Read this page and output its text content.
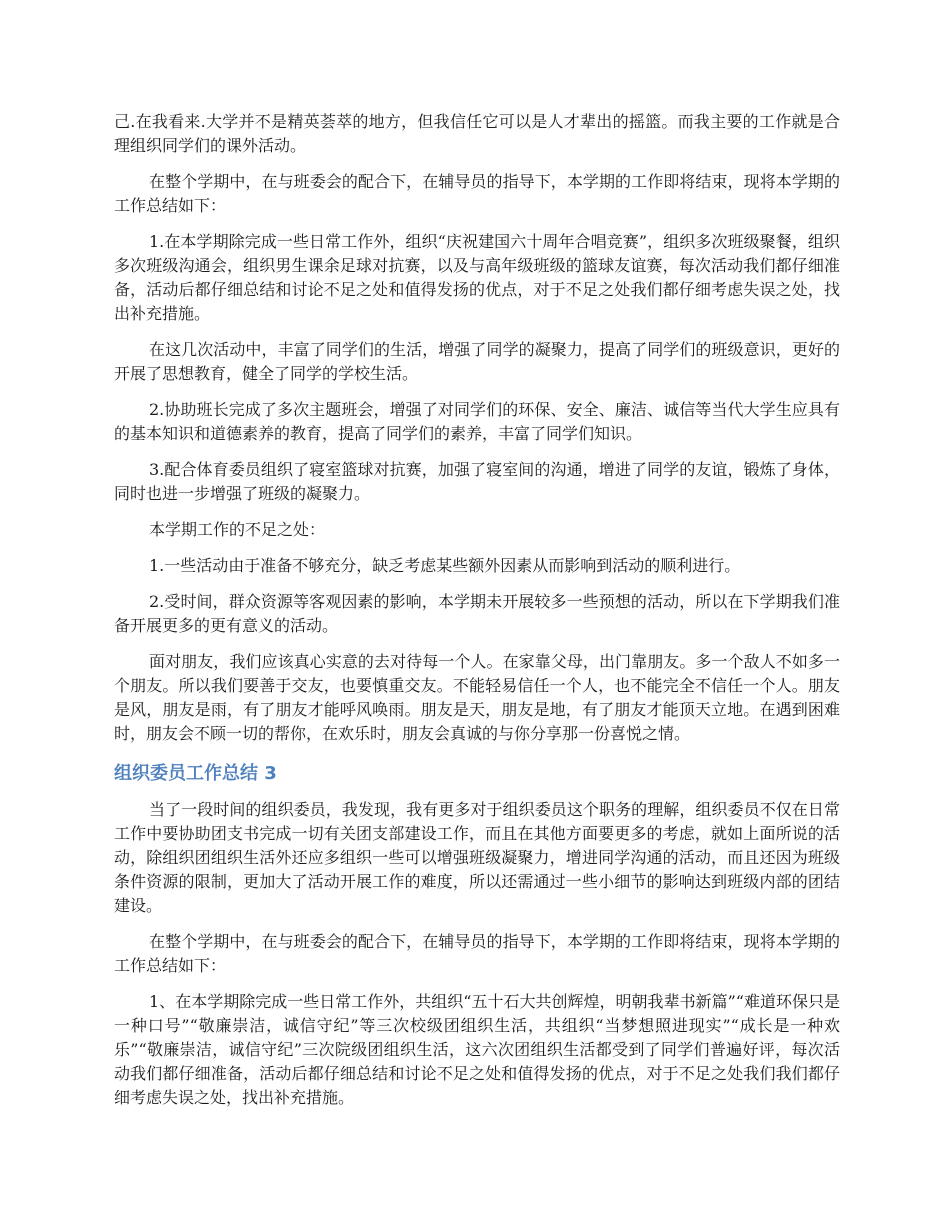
己.在我看来.大学并不是精英荟萃的地方，但我信任它可以是人才辈出的摇篮。而我主要的工作就是合理组织同学们的课外活动。

在整个学期中，在与班委会的配合下，在辅导员的指导下，本学期的工作即将结束，现将本学期的工作总结如下：

1.在本学期除完成一些日常工作外，组织“庆祝建国六十周年合唱竞赛”，组织多次班级聚餐，组织多次班级沟通会，组织男生课余足球对抗赛，以及与高年级班级的篮球友谊赛，每次活动我们都仔细准备，活动后都仔细总结和讨论不足之处和值得发扬的优点，对于不足之处我们都仔细考虑失误之处，找出补充措施。

在这几次活动中，丰富了同学们的生活，增强了同学的凝聚力，提高了同学们的班级意识，更好的开展了思想教育，健全了同学的学校生活。

2.协助班长完成了多次主题班会，增强了对同学们的环保、安全、廉洁、诚信等当代大学生应具有的基本知识和道德素养的教育，提高了同学们的素养，丰富了同学们知识。

3.配合体育委员组织了寝室篮球对抗赛，加强了寝室间的沟通，增进了同学的友谊，锻炼了身体，同时也进一步增强了班级的凝聚力。

本学期工作的不足之处：

1.一些活动由于准备不够充分，缺乏考虑某些额外因素从而影响到活动的顺利进行。

2.受时间，群众资源等客观因素的影响，本学期未开展较多一些预想的活动，所以在下学期我们准备开展更多的更有意义的活动。

面对朋友，我们应该真心实意的去对待每一个人。在家靠父母，出门靠朋友。多一个敌人不如多一个朋友。所以我们要善于交友，也要慎重交友。不能轻易信任一个人，也不能完全不信任一个人。朋友是风，朋友是雨，有了朋友才能呼风唤雨。朋友是天，朋友是地，有了朋友才能顶天立地。在遇到困难时，朋友会不顾一切的帮你，在欢乐时，朋友会真诚的与你分享那一份喜悦之情。

组织委员工作总结 3

当了一段时间的组织委员，我发现，我有更多对于组织委员这个职务的理解，组织委员不仅在日常工作中要协助团支书完成一切有关团支部建设工作，而且在其他方面要更多的考虑，就如上面所说的活动，除组织团组织生活外还应多组织一些可以增强班级凝聚力，增进同学沟通的活动，而且还因为班级条件资源的限制，更加大了活动开展工作的难度，所以还需通过一些小细节的影响达到班级内部的团结建设。

在整个学期中，在与班委会的配合下，在辅导员的指导下，本学期的工作即将结束，现将本学期的工作总结如下：

1、在本学期除完成一些日常工作外，共组织“五十石大共创辉煌，明朝我辈书新篇”“难道环保只是一种口号”“敬廉崇洁，诚信守纪”等三次校级团组织生活，共组织“当梦想照进现实”“成长是一种欢乐”“敬廉崇洁，诚信守纪”三次院级团组织生活，这六次团组织生活都受到了同学们普遍好评，每次活动我们都仔细准备，活动后都仔细总结和讨论不足之处和值得发扬的优点，对于不足之处我们我们都仔细考虑失误之处，找出补充措施。
